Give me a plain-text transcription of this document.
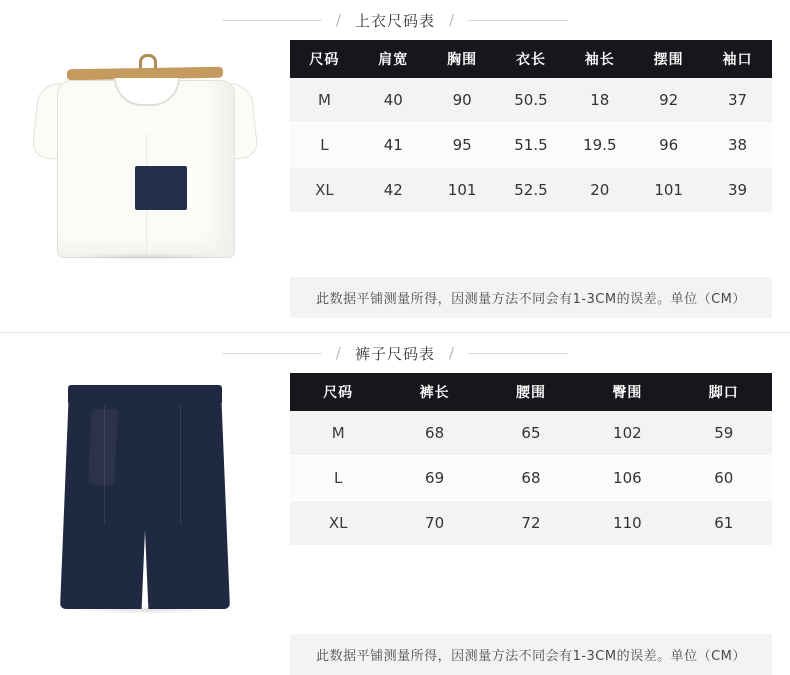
/ 上衣尺码表 /
尺码	肩宽	胸围	衣长	袖长	摆围	袖口
M	40	90	50.5	18	92	37
L	41	95	51.5	19.5	96	38
XL	42	101	52.5	20	101	39
此数据平铺测量所得，因测量方法不同会有1-3CM的误差。单位（CM）
/ 裤子尺码表 /
尺码	裤长	腰围	臀围	脚口
M	68	65	102	59
L	69	68	106	60
XL	70	72	110	61
此数据平铺测量所得，因测量方法不同会有1-3CM的误差。单位（CM）
